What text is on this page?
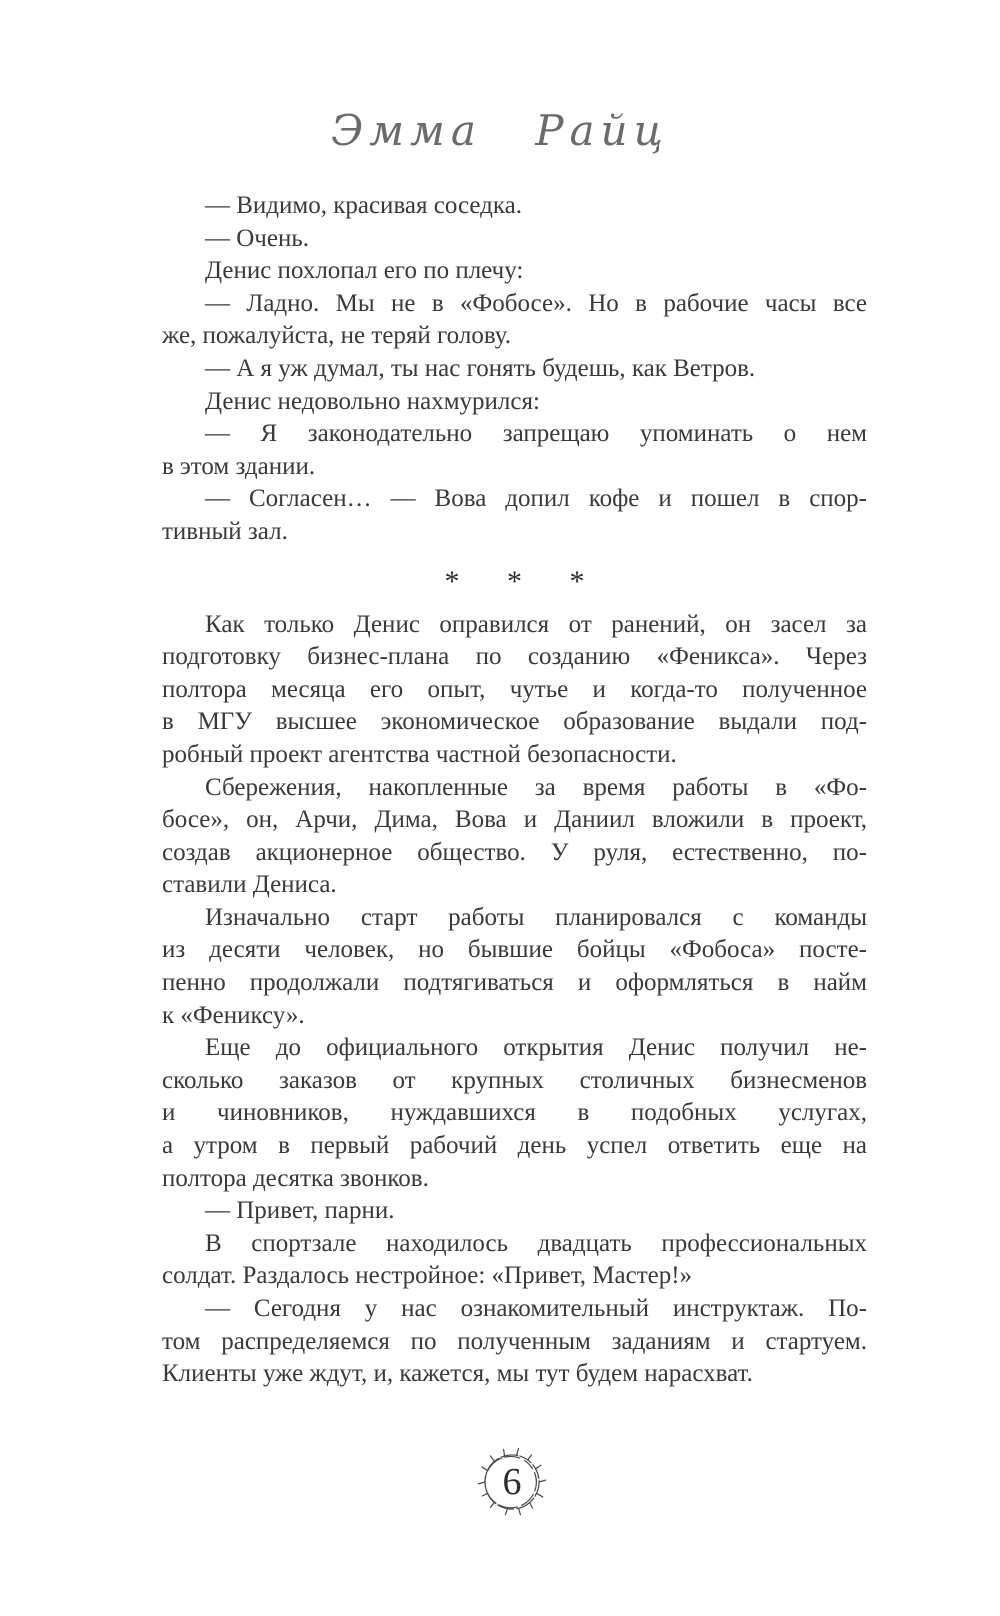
Эмма Райц
— Видимо, красивая соседка.
— Очень.
Денис похлопал его по плечу:
— Ладно. Мы не в «Фобосе». Но в рабочие часы все
же, пожалуйста, не теряй голову.
— А я уж думал, ты нас гонять будешь, как Ветров.
Денис недовольно нахмурился:
— Я законодательно запрещаю упоминать о нем
в этом здании.
— Согласен… — Вова допил кофе и пошел в спор-
тивный зал.
* * *
Как только Денис оправился от ранений, он засел за
подготовку бизнес-плана по созданию «Феникса». Через
полтора месяца его опыт, чутье и когда-то полученное
в МГУ высшее экономическое образование выдали под-
робный проект агентства частной безопасности.
Сбережения, накопленные за время работы в «Фо-
босе», он, Арчи, Дима, Вова и Даниил вложили в проект,
создав акционерное общество. У руля, естественно, по-
ставили Дениса.
Изначально старт работы планировался с команды
из десяти человек, но бывшие бойцы «Фобоса» посте-
пенно продолжали подтягиваться и оформляться в найм
к «Фениксу».
Еще до официального открытия Денис получил не-
сколько заказов от крупных столичных бизнесменов
и чиновников, нуждавшихся в подобных услугах,
а утром в первый рабочий день успел ответить еще на
полтора десятка звонков.
— Привет, парни.
В спортзале находилось двадцать профессиональных
солдат. Раздалось нестройное: «Привет, Мастер!»
— Сегодня у нас ознакомительный инструктаж. По-
том распределяемся по полученным заданиям и стартуем.
Клиенты уже ждут, и, кажется, мы тут будем нарасхват.
6
